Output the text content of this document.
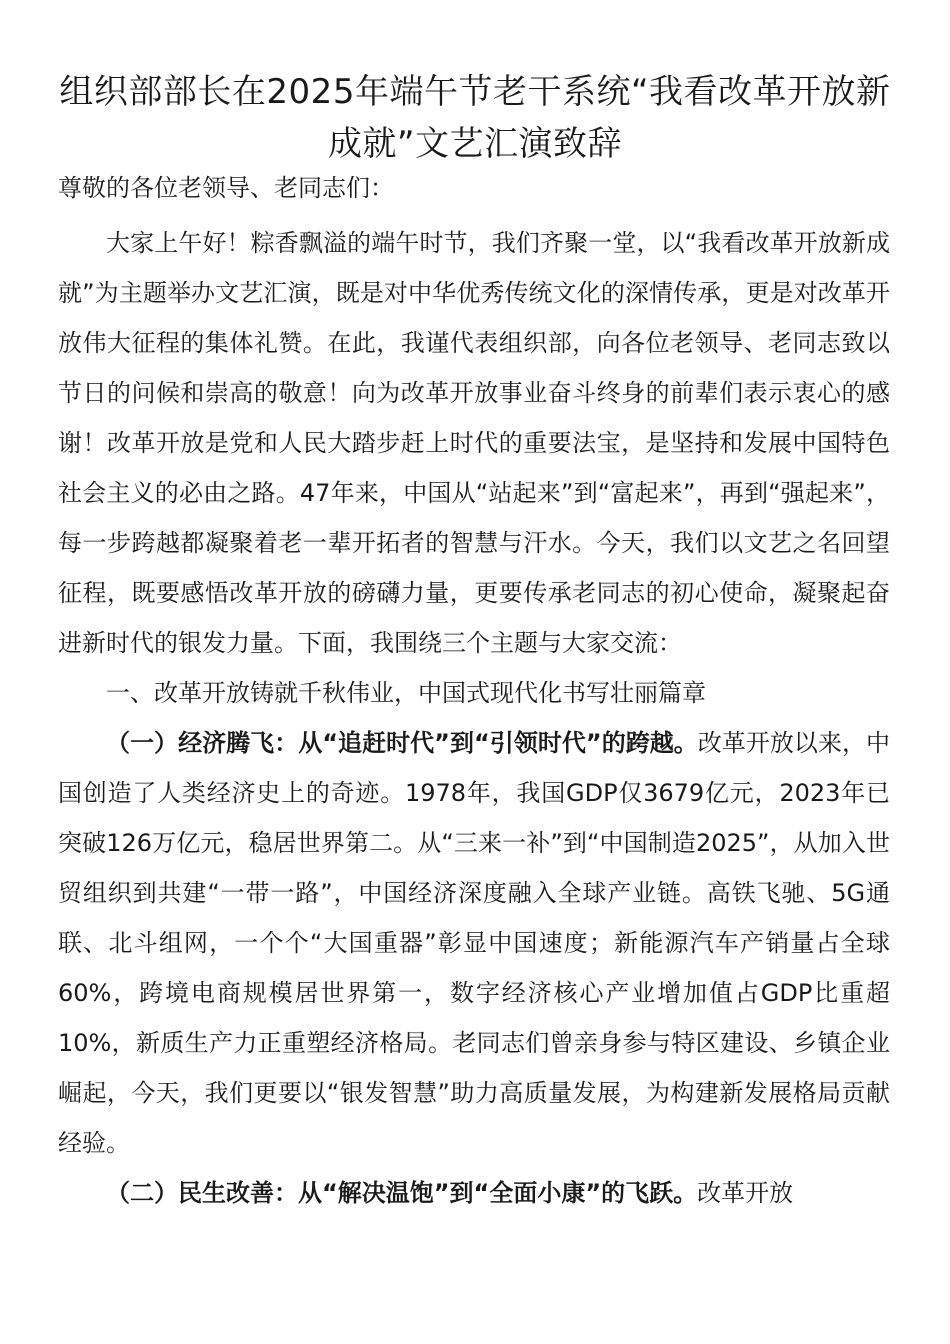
组织部部长在2025年端午节老干系统“我看改革开放新成就”文艺汇演致辞

尊敬的各位老领导、老同志们：

大家上午好！粽香飘溢的端午时节，我们齐聚一堂，以“我看改革开放新成就”为主题举办文艺汇演，既是对中华优秀传统文化的深情传承，更是对改革开放伟大征程的集体礼赞。在此，我谨代表组织部，向各位老领导、老同志致以节日的问候和崇高的敬意！向为改革开放事业奋斗终身的前辈们表示衷心的感谢！改革开放是党和人民大踏步赶上时代的重要法宝，是坚持和发展中国特色社会主义的必由之路。47年来，中国从“站起来”到“富起来”，再到“强起来”，每一步跨越都凝聚着老一辈开拓者的智慧与汗水。今天，我们以文艺之名回望征程，既要感悟改革开放的磅礴力量，更要传承老同志的初心使命，凝聚起奋进新时代的银发力量。下面，我围绕三个主题与大家交流：

一、改革开放铸就千秋伟业，中国式现代化书写壮丽篇章

（一）经济腾飞：从“追赶时代”到“引领时代”的跨越。改革开放以来，中国创造了人类经济史上的奇迹。1978年，我国GDP仅3679亿元，2023年已突破126万亿元，稳居世界第二。从“三来一补”到“中国制造2025”，从加入世贸组织到共建“一带一路”，中国经济深度融入全球产业链。高铁飞驰、5G通联、北斗组网，一个个“大国重器”彰显中国速度；新能源汽车产销量占全球60%，跨境电商规模居世界第一，数字经济核心产业增加值占GDP比重超10%，新质生产力正重塑经济格局。老同志们曾亲身参与特区建设、乡镇企业崛起，今天，我们更要以“银发智慧”助力高质量发展，为构建新发展格局贡献经验。

（二）民生改善：从“解决温饱”到“全面小康”的飞跃。改革开放
